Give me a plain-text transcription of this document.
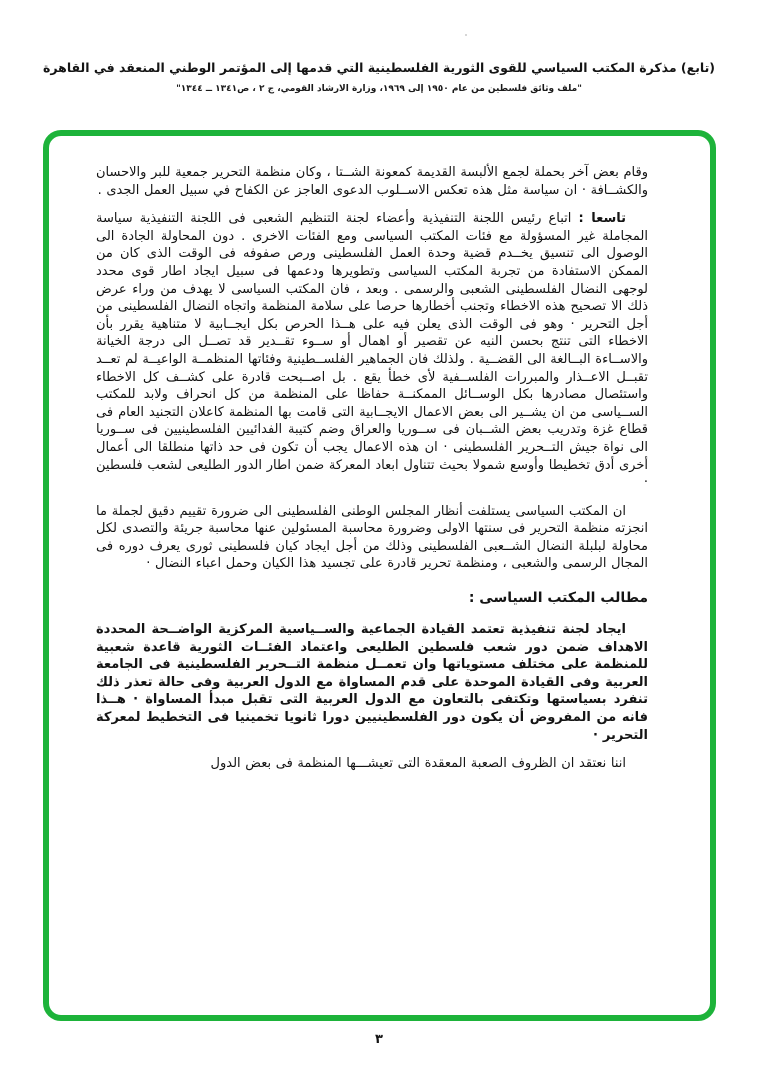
(تابع) مذكرة المكتب السياسي للقوى الثورية الفلسطينية التي قدمها إلى المؤتمر الوطني المنعقد في القاهرة
"ملف وثائق فلسطين من عام ١٩٥٠ إلى ١٩٦٩، وزارة الارشاد القومي، ج ٢ ، ص١٣٤١ ــ ١٣٤٤"

وقام بعض آخر بحملة لجمع الألبسة القديمة كمعونة الشــتا ، وكان منظمة التحرير جمعية للبر والاحسان والكشــافة · ان سياسة مثل هذه تعكس الاســلوب الدعوى العاجز عن الكفاح في سبيل العمل الجدى .

تاسعا : اتباع رئيس اللجنة التنفيذية وأعضاء لجنة التنظيم الشعبى فى اللجنة التنفيذية سياسة المجاملة غير المسؤولة مع فئات المكتب السياسى ومع الفئات الاخرى . دون المحاولة الجادة الى الوصول الى تنسيق يخــدم قضية وحدة العمل الفلسطينى ورص صفوفه فى الوقت الذى كان من الممكن الاستفادة من تجربة المكتب السياسى وتطويرها ودعمها فى سبيل ايجاد اطار قوى محدد لوجهى النضال الفلسطينى الشعبى والرسمى . وبعد ، فان المكتب السياسى لا يهدف من وراء عرض ذلك الا تصحيح هذه الاخطاء وتجنب أخطارها حرصا على سلامة المنظمة واتجاه النضال الفلسطينى من أجل التحرير · وهو فى الوقت الذى يعلن فيه على هــذا الحرص بكل ايجــابية لا متناهية يقرر بأن الاخطاء التى تنتج بحسن النيه عن تقصير أو اهمال أو ســوء تقــدير قد تصــل الى درجة الخيانة والاســاءة البــالغة الى القضــية . ولذلك فان الجماهير الفلســطينية وفئاتها المنظمــة الواعيــة لم تعــد تقبــل الاعــذار والمبررات الفلســفية لأى خطأ يقع . بل اصــبحت قادرة على كشــف كل الاخطاء واستئصال مصادرها بكل الوســائل الممكنــة حفاظا على المنظمة من كل انحراف ولابد للمكتب الســياسى من ان يشــير الى بعض الاعمال الايجــابية التى قامت بها المنظمة كاعلان التجنيد العام فى قطاع غزة وتدريب بعض الشــبان فى ســوريا والعراق وضم كتيبة الفدائيين الفلسطينيين فى ســوريا الى نواة جيش التــحرير الفلسطينى · ان هذه الاعمال يجب أن تكون فى حد ذاتها منطلقا الى أعمال أخرى أدق تخطيطا وأوسع شمولا بحيث تتناول ابعاد المعركة ضمن اطار الدور الطليعى لشعب فلسطين ·

ان المكتب السياسى يستلفت أنظار المجلس الوطنى الفلسطينى الى ضرورة تقييم دقيق لجملة ما انجزته منظمة التحرير فى سنتها الاولى وضرورة محاسبة المسئولين عنها محاسبة جريئة والتصدى لكل محاولة لبلبلة النضال الشــعبى الفلسطينى وذلك من أجل ايجاد كيان فلسطينى ثورى يعرف دوره فى المجال الرسمى والشعبى ، ومنظمة تحرير قادرة على تجسيد هذا الكيان وحمل اعباء النضال ·

مطالب المكتب السياسى :

ايجاد لجنة تنفيذية تعتمد القيادة الجماعية والســياسية المركزية الواضــحة المحددة الاهداف ضمن دور شعب فلسطين الطليعى واعتماد الفئــات الثورية قاعدة شعبية للمنظمة على مختلف مستوياتها وان تعمــل منظمة التــحرير الفلسطينية فى الجامعة العربية وفى القيادة الموحدة على قدم المساواة مع الدول العربية وفى حالة تعذر ذلك تنفرد بسياستها وتكتفى بالتعاون مع الدول العربية التى تقبل مبدأ المساواة · هــذا فانه من المفروض أن يكون دور الفلسطينيين دورا ثانويا تخمينيا فى التخطيط لمعركة التحرير ·

اننا نعتقد ان الظروف الصعبة المعقدة التى تعيشـــها المنظمة فى بعض الدول

٣
